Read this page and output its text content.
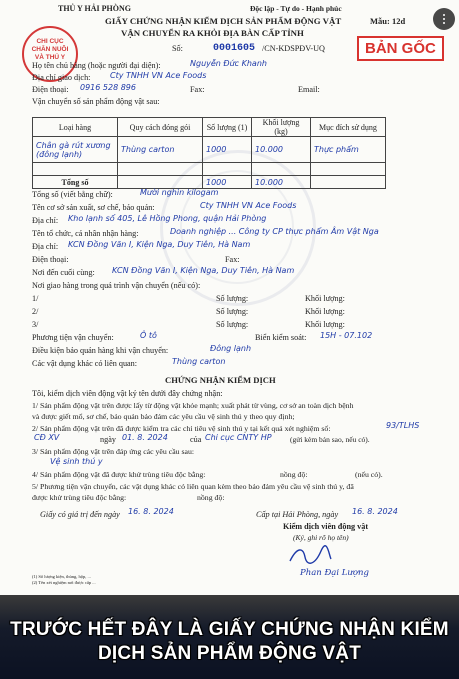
THỦ Y HẢI PHÒNG	Độc lập - Tự do - Hạnh phúc
GIẤY CHỨNG NHẬN KIỂM DỊCH SẢN PHẨM ĐỘNG VẬT
VẬN CHUYỂN RA KHỎI ĐỊA BÀN CẤP TỈNH
Mẫu: 12d
CHI CỤC
CHĂN NUÔI
VÀ THÚ Y
Số:	0001605 /CN-KDSPĐV-UQ	BẢN GỐC
Họ tên chủ hàng (hoặc người đại diện):	Nguyễn Đức Khanh
Địa chỉ giao dịch: Cty TNHH VN Ace Foods
Điện thoại: 0916 528 896	Fax:	Email:
Vận chuyển số sản phẩm động vật sau:
Loại hàng	Quy cách đóng gói	Số lượng (1)	Khối lượng (kg)	Mục đích sử dụng
Chân gà rút xương (đông lạnh)	Thùng carton	1000	10.000	Thực phẩm

Tổng số		1000	10.000	
Tổng số (viết bằng chữ):	Mười nghìn kilogam
Tên cơ sở sản xuất, sơ chế, bảo quản:	Cty TNHH VN Ace Foods
Địa chỉ: Kho lạnh số 405, Lê Hồng Phong, quận Hải Phòng
Tên tổ chức, cá nhân nhận hàng:	Doanh nghiệp ... Công ty CP thực phẩm Âm Vật Nga
Địa chỉ: KCN Đồng Văn I, Kiện Nga, Duy Tiên, Hà Nam
Điện thoại:	Fax:
Nơi đến cuối cùng: KCN Đồng Văn I, Kiện Nga, Duy Tiên, Hà Nam
Nơi giao hàng trong quá trình vận chuyển (nếu có):
1/	Số lượng:	Khối lượng:
2/	Số lượng:	Khối lượng:
3/	Số lượng:	Khối lượng:
Phương tiện vận chuyển:	Ô tô	Biển kiểm soát: 15H - 07.102
Điều kiện bảo quản hàng khi vận chuyển:	Đông lạnh
Các vật dụng khác có liên quan:	Thùng carton
CHỨNG NHẬN KIỂM DỊCH
Tôi, kiểm dịch viên động vật ký tên dưới đây chứng nhận:
1/ Sản phẩm động vật trên được lấy từ động vật khỏe mạnh; xuất phát từ vùng, cơ sở an toàn dịch bệnh
và được giết mổ, sơ chế, bảo quản bảo đảm các yêu cầu vệ sinh thú y theo quy định;
2/ Sản phẩm động vật trên đã được kiểm tra các chỉ tiêu vệ sinh thú y tại kết quả xét nghiệm số:	93/TLHS
CĐ XV	ngày 01. 8. 2024	của Chi cục CNTY HP (gửi kèm bản sao, nếu có).
3/ Sản phẩm động vật trên đáp ứng các yêu cầu sau:
Vệ sinh thú y
4/ Sản phẩm động vật đã được khử trùng tiêu độc bằng:	nồng độ:	(nếu có).
5/ Phương tiện vận chuyển, các vật dụng khác có liên quan kèm theo bảo đảm yêu cầu vệ sinh thú y, đã
được khử trùng tiêu độc bằng:	nồng độ:
Giấy có giá trị đến ngày 16. 8. 2024	Cấp tại Hải Phòng, ngày 16. 8. 2024
Kiểm dịch viên động vật
(Ký, ghi rõ họ tên)
Phan Đại Lượng
(1) Số lượng kiện, thùng, hộp, ...
(2) Tên xét nghiệm nơi được cấp ...
TRƯỚC HẾT ĐÂY LÀ GIẤY CHỨNG NHẬN KIỂM
DỊCH SẢN PHẨM ĐỘNG VẬT
